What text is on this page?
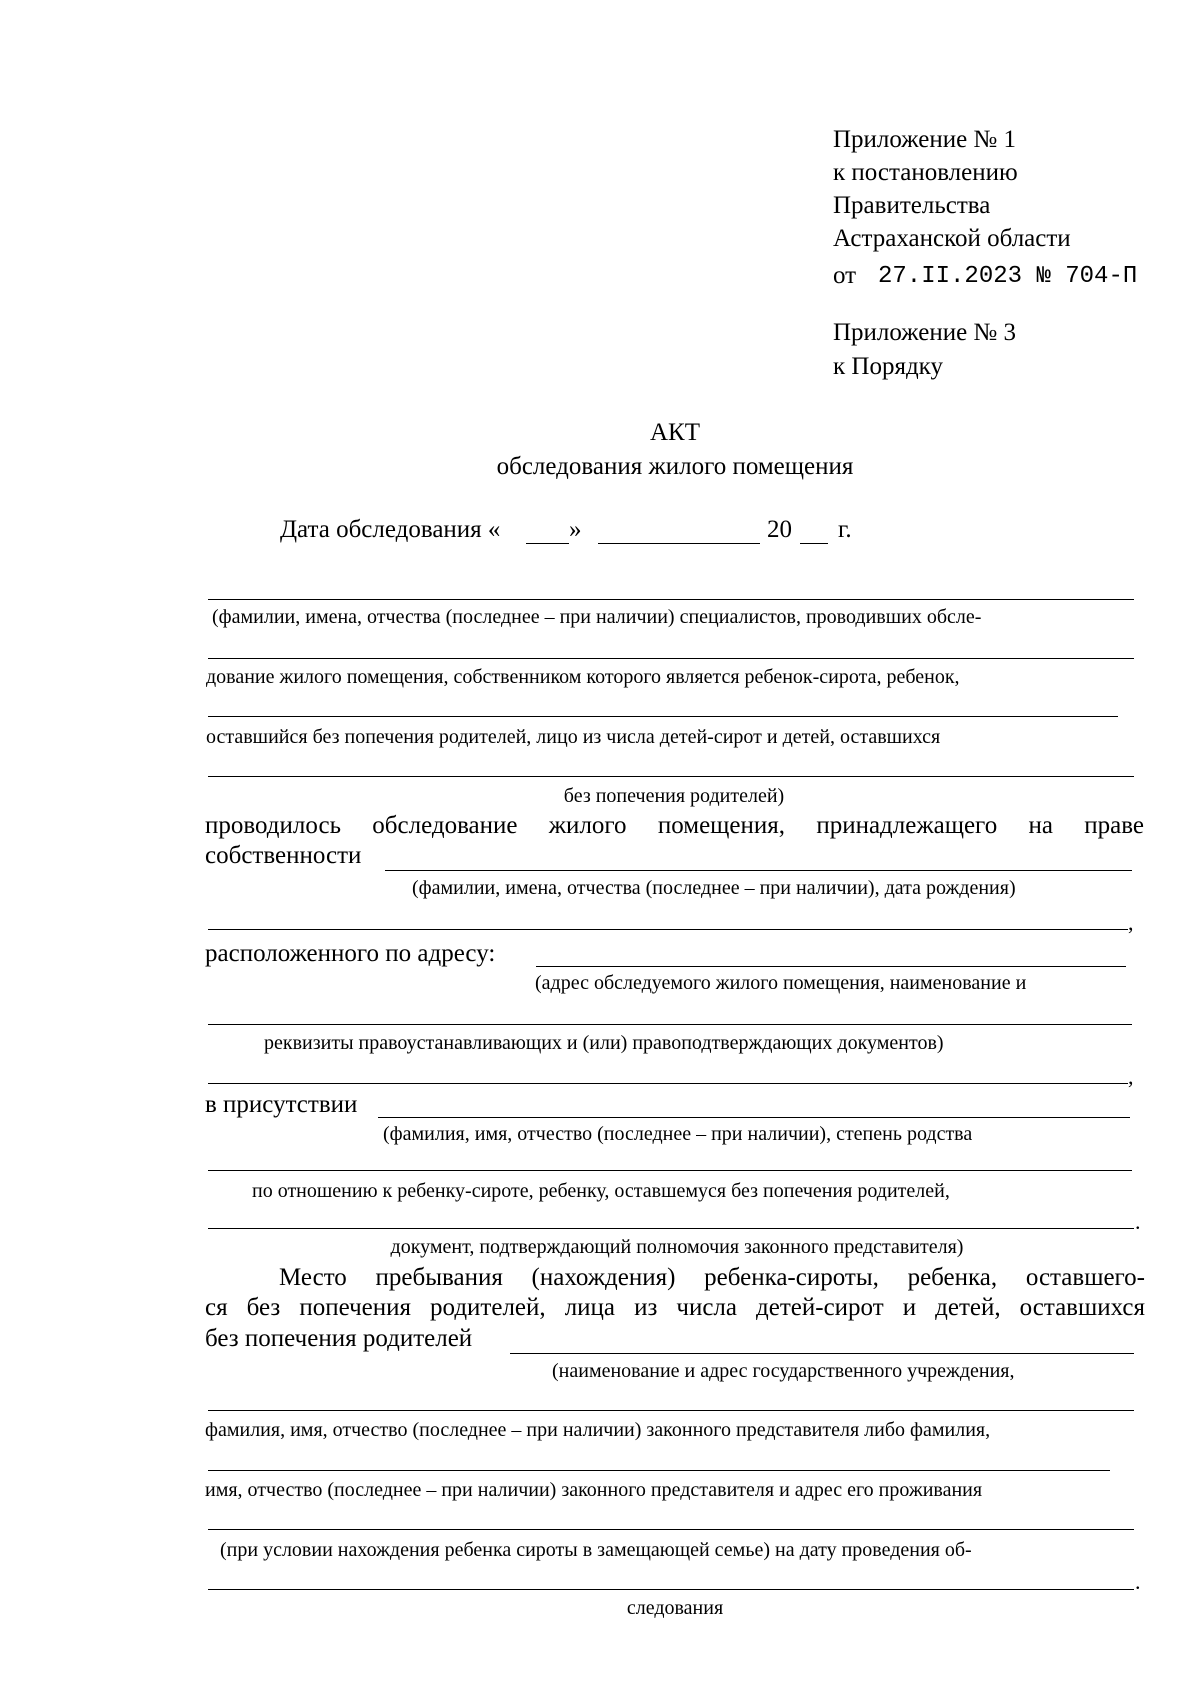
Приложение № 1
к постановлению
Правительства
Астраханской области
от 27.II.2023 № 704-П
Приложение № 3
к Порядку
АКТ
обследования жилого помещения
Дата обследования «	»	20 г.
(фамилии, имена, отчества (последнее – при наличии) специалистов, проводивших обсле-
дование жилого помещения, собственником которого является ребенок-сирота, ребенок,
оставшийся без попечения родителей, лицо из числа детей-сирот и детей, оставшихся
без попечения родителей)
проводилось обследование жилого помещения, принадлежащего на праве
собственности
(фамилии, имена, отчества (последнее – при наличии), дата рождения)
,
расположенного по адресу:
(адрес обследуемого жилого помещения, наименование и
реквизиты правоустанавливающих и (или) правоподтверждающих документов)
,
в присутствии
(фамилия, имя, отчество (последнее – при наличии), степень родства
по отношению к ребенку-сироте, ребенку, оставшемуся без попечения родителей,
.
документ, подтверждающий полномочия законного представителя)
Место пребывания (нахождения) ребенка-сироты, ребенка, оставшего-
ся без попечения родителей, лица из числа детей-сирот и детей, оставшихся
без попечения родителей
(наименование и адрес государственного учреждения,
фамилия, имя, отчество (последнее – при наличии) законного представителя либо фамилия,
имя, отчество (последнее – при наличии) законного представителя и адрес его проживания
(при условии нахождения ребенка сироты в замещающей семье) на дату проведения об-
.
следования
